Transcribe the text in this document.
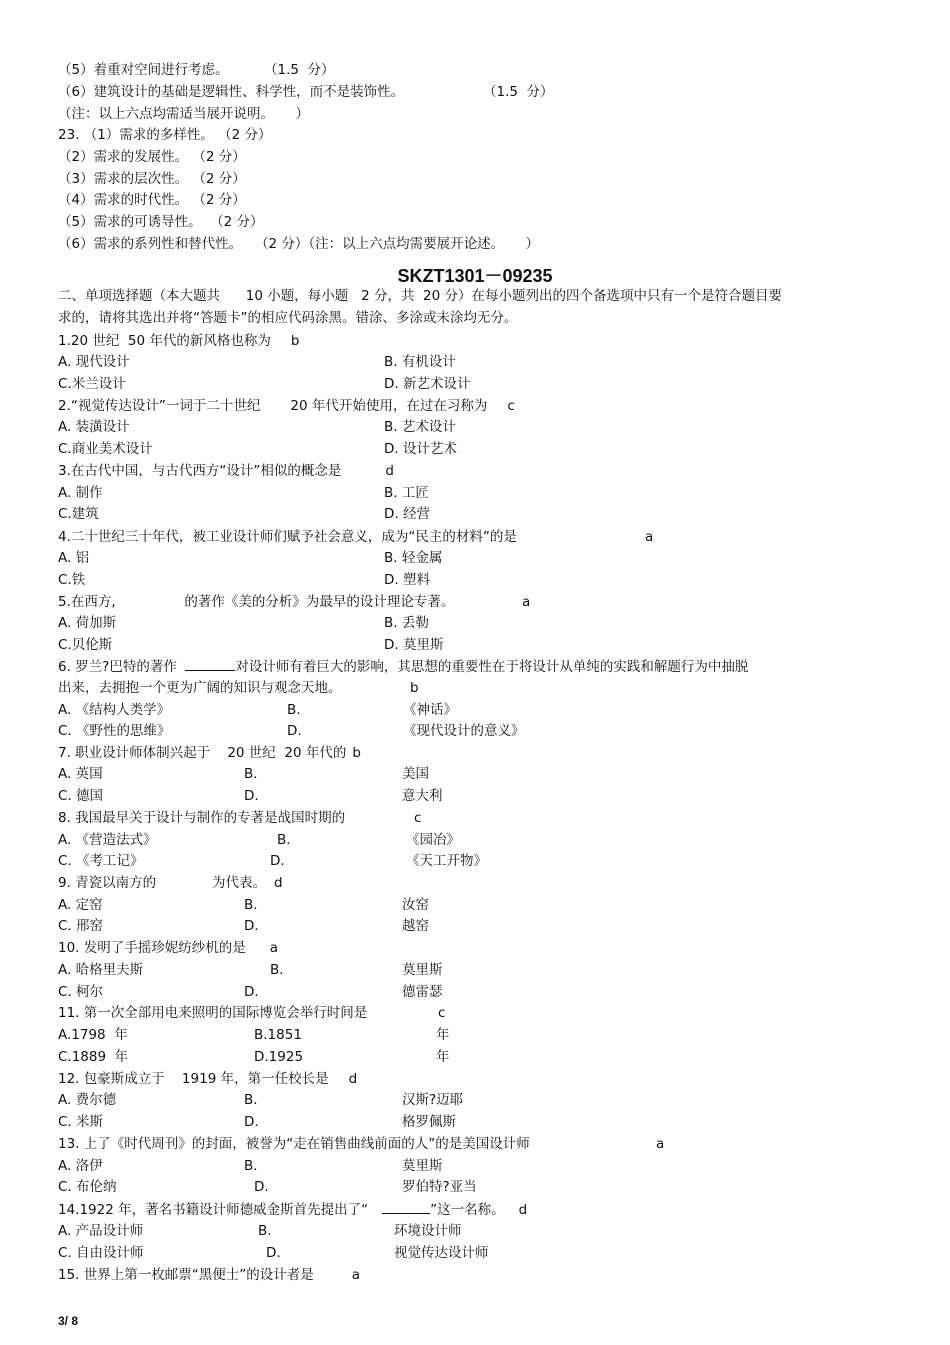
（5）着重对空间进行考虑。	（1.5  分）
（6）建筑设计的基础是逻辑性、科学性，而不是装饰性。	（1.5  分）
（注：以上六点均需适当展开说明。     ）
23. （1）需求的多样性。 （2 分）
（2）需求的发展性。 （2 分）
（3）需求的层次性。 （2 分）
（4）需求的时代性。 （2 分）
（5）需求的可诱导性。  （2 分）
（6）需求的系列性和替代性。   （2 分）（注：以上六点均需要展开论述。     ）
SKZT1301－09235
二、单项选择题（本大题共      10 小题，每小题   2 分，共  20 分）在每小题列出的四个备选项中只有一个是符合题目要
求的，请将其选出并将“答题卡”的相应代码涂黑。错涂、多涂或未涂均无分。
1.20 世纪  50 年代的新风格也称为 b
A. 现代设计	B. 有机设计
C.米兰设计	D. 新艺术设计
2.“视觉传达设计”一词于二十世纪       20 年代开始使用，在过在习称为 c
A. 装潢设计	B. 艺术设计
C.商业美术设计	D. 设计艺术
3.在古代中国，与古代西方“设计”相似的概念是	d
A. 制作	B. 工匠
C.建筑	D. 经营
4.二十世纪三十年代，被工业设计师们赋予社会意义，成为“民主的材料”的是	a
A. 铝	B. 轻金属
C.铁	D. 塑料
5.在西方,                的著作《美的分析》为最早的设计理论专著。	a
A. 荷加斯	B. 丢勒
C.贝伦斯	D. 莫里斯
6. 罗兰?巴特的著作	对设计师有着巨大的影响，其思想的重要性在于将设计从单纯的实践和解题行为中抽脱
出来，去拥抱一个更为广阔的知识与观念天地。	b
A. 《结构人类学》	B.	《神话》
C. 《野性的思维》	D.	《现代设计的意义》
7. 职业设计师体制兴起于    20 世纪  20 年代的 b
A. 英国	B.	美国
C. 德国	D.	意大利
8. 我国最早关于设计与制作的专著是战国时期的	c
A. 《营造法式》	B.	《园冶》
C. 《考工记》	D.	《天工开物》
9. 青瓷以南方的             为代表。 d
A. 定窑	B.	汝窑
C. 邢窑	D.	越窑
10. 发明了手摇珍妮纺纱机的是 a
A. 哈格里夫斯	B.	莫里斯
C. 柯尔	D.	德雷瑟
11. 第一次全部用电来照明的国际博览会举行时间是	c
A.1798  年	B.1851	年
C.1889  年	D.1925	年
12. 包豪斯成立于    1919 年，第一任校长是 d
A. 费尔德	B.	汉斯?迈耶
C. 米斯	D.	格罗佩斯
13. 上了《时代周刊》的封面，被誉为“走在销售曲线前面的人”的是美国设计师	a
A. 洛伊	B.	莫里斯
C. 布伦纳	D.	罗伯特?亚当
14.1922 年，著名书籍设计师德威金斯首先提出了“	”这一名称。 d
A. 产品设计师	B.	环境设计师
C. 自由设计师	D.	视觉传达设计师
15. 世界上第一枚邮票“黑便士”的设计者是	a
3/ 8
